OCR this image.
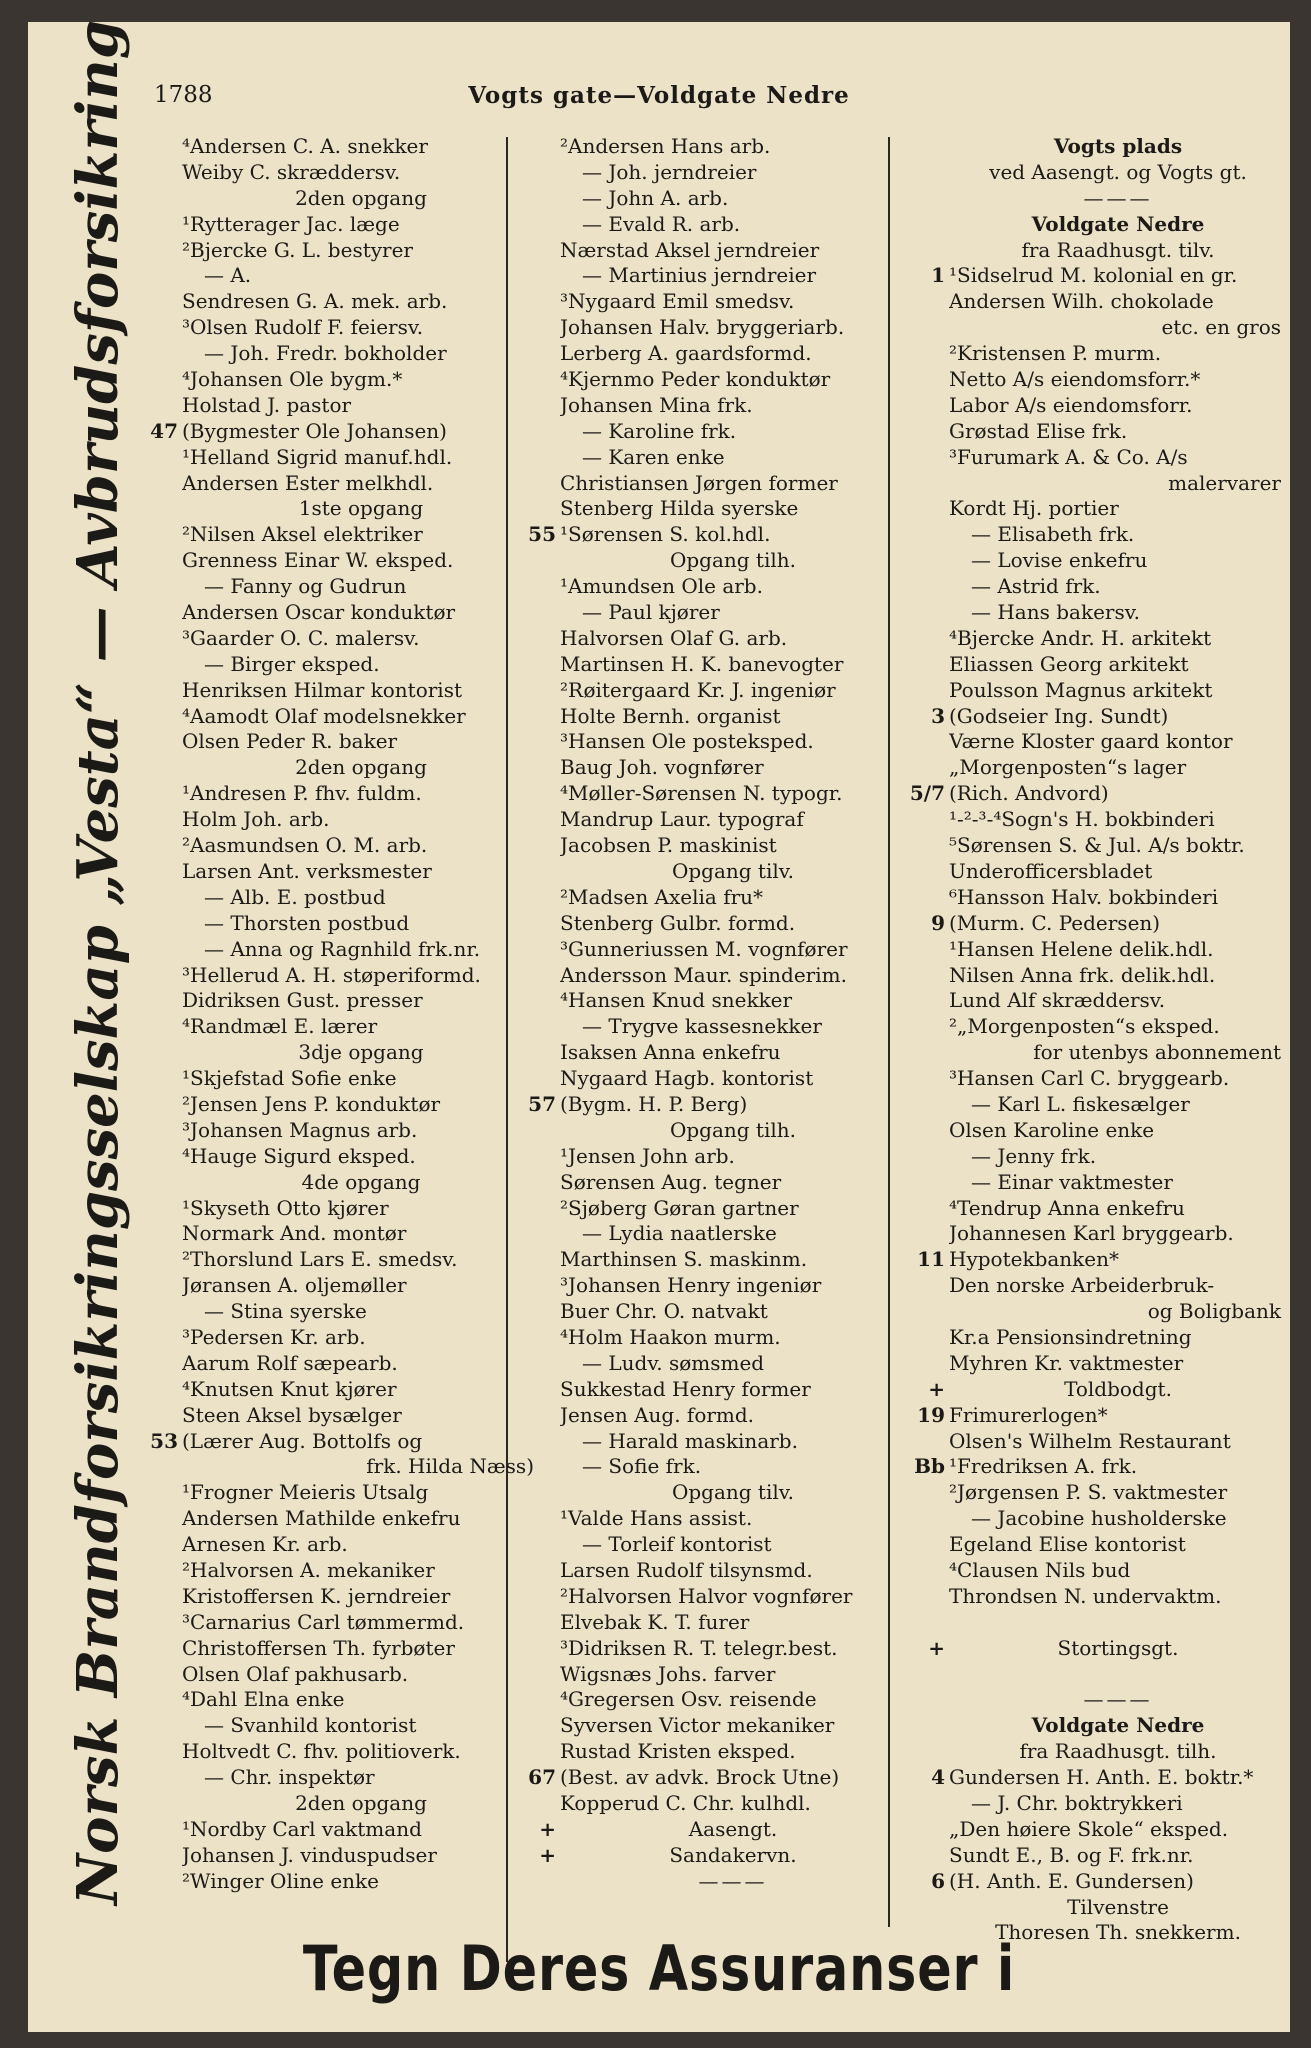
1788	Vogts gate—Voldgate Nedre
Norsk Brandforsikringsselskap „Vesta“ — Avbrudsforsikring	⁴Andersen C. A. snekker
Weiby C. skræddersv.
2den opgang
¹Rytterager Jac. læge
²Bjercke G. L. bestyrer
— A.
Sendresen G. A. mek. arb.
³Olsen Rudolf F. feiersv.
— Joh. Fredr. bokholder
⁴Johansen Ole bygm.*
Holstad J. pastor
47 (Bygmester Ole Johansen)
¹Helland Sigrid manuf.hdl.
Andersen Ester melkhdl.
1ste opgang
²Nilsen Aksel elektriker
Grenness Einar W. eksped.
— Fanny og Gudrun
Andersen Oscar konduktør
³Gaarder O. C. malersv.
— Birger eksped.
Henriksen Hilmar kontorist
⁴Aamodt Olaf modelsnekker
Olsen Peder R. baker
2den opgang
¹Andresen P. fhv. fuldm.
Holm Joh. arb.
²Aasmundsen O. M. arb.
Larsen Ant. verksmester
— Alb. E. postbud
— Thorsten postbud
— Anna og Ragnhild frk.nr.
³Hellerud A. H. støperiformd.
Didriksen Gust. presser
⁴Randmæl E. lærer
3dje opgang
¹Skjefstad Sofie enke
²Jensen Jens P. konduktør
³Johansen Magnus arb.
⁴Hauge Sigurd eksped.
4de opgang
¹Skyseth Otto kjører
Normark And. montør
²Thorslund Lars E. smedsv.
Jøransen A. oljemøller
— Stina syerske
³Pedersen Kr. arb.
Aarum Rolf sæpearb.
⁴Knutsen Knut kjører
Steen Aksel bysælger
53 (Lærer Aug. Bottolfs og
frk. Hilda Næss)
¹Frogner Meieris Utsalg
Andersen Mathilde enkefru
Arnesen Kr. arb.
²Halvorsen A. mekaniker
Kristoffersen K. jerndreier
³Carnarius Carl tømmermd.
Christoffersen Th. fyrbøter
Olsen Olaf pakhusarb.
⁴Dahl Elna enke
— Svanhild kontorist
Holtvedt C. fhv. politioverk.
— Chr. inspektør
2den opgang
¹Nordby Carl vaktmand
Johansen J. vinduspudser
²Winger Oline enke
²Andersen Hans arb.
— Joh. jerndreier
— John A. arb.
— Evald R. arb.
Nærstad Aksel jerndreier
— Martinius jerndreier
³Nygaard Emil smedsv.
Johansen Halv. bryggeriarb.
Lerberg A. gaardsformd.
⁴Kjernmo Peder konduktør
Johansen Mina frk.
— Karoline frk.
— Karen enke
Christiansen Jørgen former
Stenberg Hilda syerske
55 ¹Sørensen S. kol.hdl.
Opgang tilh.
¹Amundsen Ole arb.
— Paul kjører
Halvorsen Olaf G. arb.
Martinsen H. K. banevogter
²Røitergaard Kr. J. ingeniør
Holte Bernh. organist
³Hansen Ole posteksped.
Baug Joh. vognfører
⁴Møller-Sørensen N. typogr.
Mandrup Laur. typograf
Jacobsen P. maskinist
Opgang tilv.
²Madsen Axelia fru*
Stenberg Gulbr. formd.
³Gunneriussen M. vognfører
Andersson Maur. spinderim.
⁴Hansen Knud snekker
— Trygve kassesnekker
Isaksen Anna enkefru
Nygaard Hagb. kontorist
57 (Bygm. H. P. Berg)
Opgang tilh.
¹Jensen John arb.
Sørensen Aug. tegner
²Sjøberg Gøran gartner
— Lydia naatlerske
Marthinsen S. maskinm.
³Johansen Henry ingeniør
Buer Chr. O. natvakt
⁴Holm Haakon murm.
— Ludv. sømsmed
Sukkestad Henry former
Jensen Aug. formd.
— Harald maskinarb.
— Sofie frk.
Opgang tilv.
¹Valde Hans assist.
— Torleif kontorist
Larsen Rudolf tilsynsmd.
²Halvorsen Halvor vognfører
Elvebak K. T. furer
³Didriksen R. T. telegr.best.
Wigsnæs Johs. farver
⁴Gregersen Osv. reisende
Syversen Victor mekaniker
Rustad Kristen eksped.
67 (Best. av advk. Brock Utne)
Kopperud C. Chr. kulhdl.
+	Aasengt.
+	Sandakervn.
———
Vogts plads
ved Aasengt. og Vogts gt.
———
Voldgate Nedre
fra Raadhusgt. tilv.
1 ¹Sidselrud M. kolonial en gr.
Andersen Wilh. chokolade
etc. en gros
²Kristensen P. murm.
Netto A/s eiendomsforr.*
Labor A/s eiendomsforr.
Grøstad Elise frk.
³Furumark A. & Co. A/s
malervarer
Kordt Hj. portier
— Elisabeth frk.
— Lovise enkefru
— Astrid frk.
— Hans bakersv.
⁴Bjercke Andr. H. arkitekt
Eliassen Georg arkitekt
Poulsson Magnus arkitekt
3 (Godseier Ing. Sundt)
Værne Kloster gaard kontor
„Morgenposten“s lager
5/7 (Rich. Andvord)
¹-²-³-⁴Sogn's H. bokbinderi
⁵Sørensen S. & Jul. A/s boktr.
Underofficersbladet
⁶Hansson Halv. bokbinderi
9 (Murm. C. Pedersen)
¹Hansen Helene delik.hdl.
Nilsen Anna frk. delik.hdl.
Lund Alf skræddersv.
²„Morgenposten“s eksped.
for utenbys abonnement
³Hansen Carl C. bryggearb.
— Karl L. fiskesælger
Olsen Karoline enke
— Jenny frk.
— Einar vaktmester
⁴Tendrup Anna enkefru
Johannesen Karl bryggearb.
11 Hypotekbanken*
Den norske Arbeiderbruk-
og Boligbank
Kr.a Pensionsindretning
Myhren Kr. vaktmester
+	Toldbodgt.
19 Frimurerlogen*
Olsen's Wilhelm Restaurant
Bb ¹Fredriksen A. frk.
²Jørgensen P. S. vaktmester
— Jacobine husholderske
Egeland Elise kontorist
⁴Clausen Nils bud
Throndsen N. undervaktm.
+	Stortingsgt.
———
Voldgate Nedre
fra Raadhusgt. tilh.
4 Gundersen H. Anth. E. boktr.*
— J. Chr. boktrykkeri
„Den høiere Skole“ eksped.
Sundt E., B. og F. frk.nr.
6 (H. Anth. E. Gundersen)
Tilvenstre
Thoresen Th. snekkerm.
Tegn Deres Assuranser i
